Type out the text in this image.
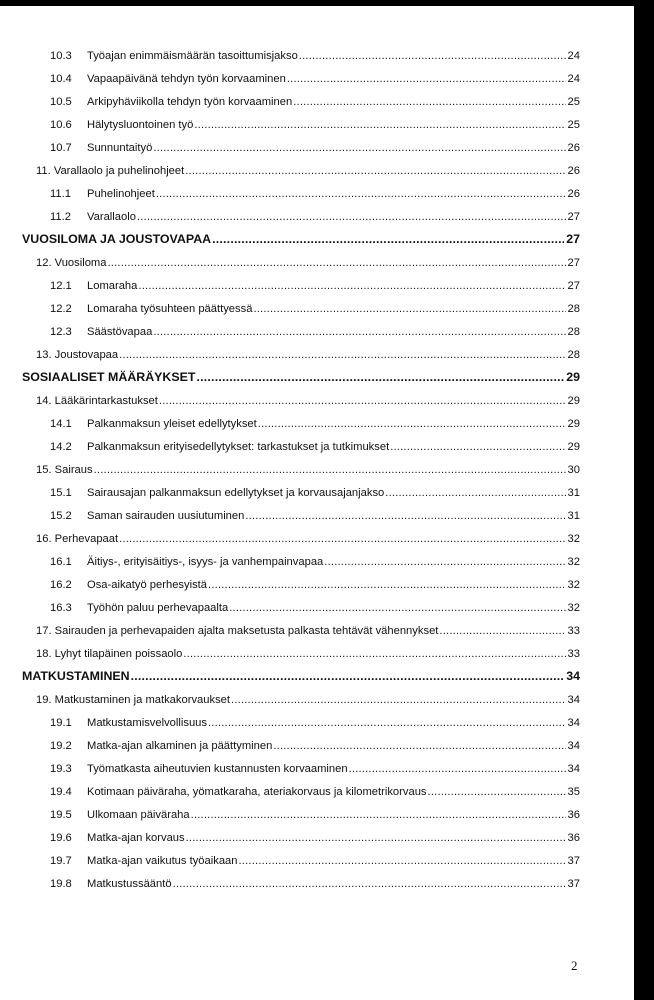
10.3	Työajan enimmäismäärän tasoittumisjakso .....	24
10.4	Vapaapäivänä tehdyn työn korvaaminen .....	24
10.5	Arkipyhäviikolla tehdyn työn korvaaminen .....	25
10.6	Hälytysluontoinen työ .....	25
10.7	Sunnuntaityö .....	26
11. Varallaolo ja puhelinohjeet .....	26
11.1	Puhelinohjeet .....	26
11.2	Varallaolo .....	27
VUOSILOMA JA JOUSTOVAPAA .....	27
12. Vuosiloma .....	27
12.1	Lomaraha .....	27
12.2	Lomaraha työsuhteen päättyessä .....	28
12.3	Säästövapaa .....	28
13. Joustovapaa .....	28
SOSIAALISET MÄÄRÄYKSET .....	29
14. Lääkärintarkastukset .....	29
14.1	Palkanmaksun yleiset edellytykset .....	29
14.2	Palkanmaksun erityisedellytykset: tarkastukset ja tutkimukset .....	29
15. Sairaus .....	30
15.1	Sairausajan palkanmaksun edellytykset ja korvausajanjakso .....	31
15.2	Saman sairauden uusiutuminen .....	31
16. Perhevapaat .....	32
16.1	Äitiys-, erityisäitiys-, isyys- ja vanhempainvapaa .....	32
16.2	Osa-aikatyö perhesyistä .....	32
16.3	Työhön paluu perhevapaalta .....	32
17. Sairauden ja perhevapaiden ajalta maksetusta palkasta tehtävät vähennykset .....	33
18. Lyhyt tilapäinen poissaolo .....	33
MATKUSTAMINEN .....	34
19. Matkustaminen ja matkakorvaukset .....	34
19.1	Matkustamisvelvollisuus .....	34
19.2	Matka-ajan alkaminen ja päättyminen .....	34
19.3	Työmatkasta aiheutuvien kustannusten korvaaminen .....	34
19.4	Kotimaan päiväraha, yömatkaraha, ateriakorvaus ja kilometrikorvaus .....	35
19.5	Ulkomaan päiväraha .....	36
19.6	Matka-ajan korvaus .....	36
19.7	Matka-ajan vaikutus työaikaan .....	37
19.8	Matkustussääntö .....	37
2
